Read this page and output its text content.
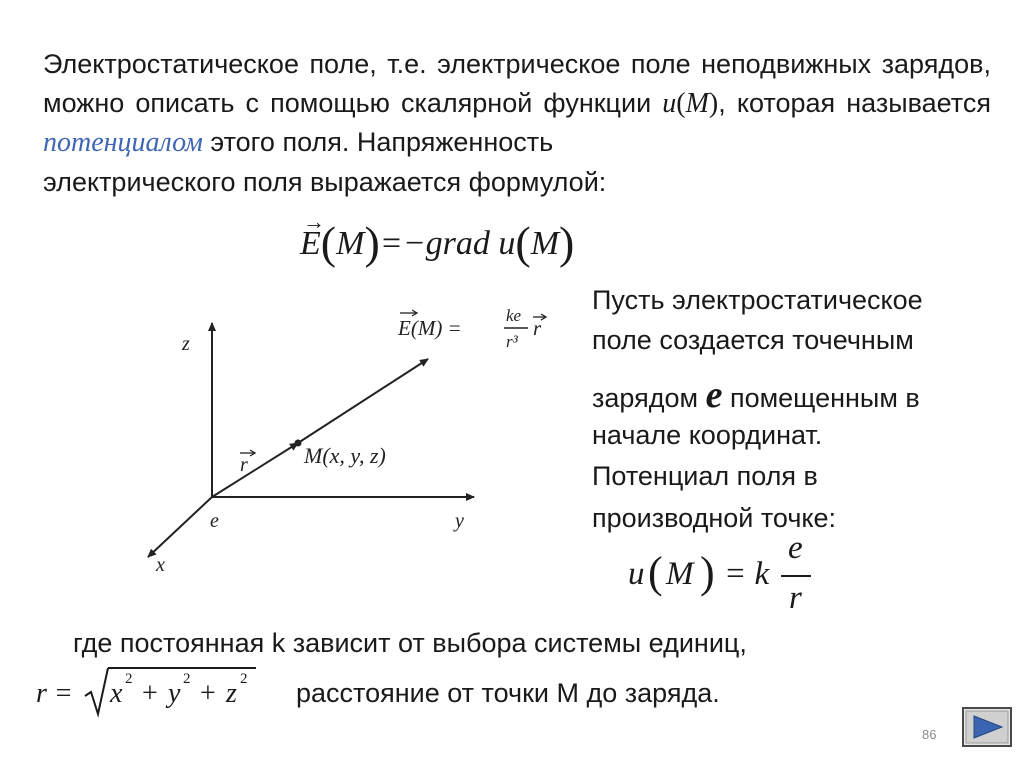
Электростатическое поле, т.е. электрическое поле неподвижных зарядов, можно описать с помощью скалярной функции u(M), которая называется потенциалом этого поля. Напряженность
электрического поля выражается формулой:
→
E(M)=−grad u(M)
z
y
x
e
r	M(x, y, z)
E(M) =
ke
r³
r
Пусть электростатическое
поле создается точечным
зарядом e помещенным в
начале координат.
Потенциал поля в
производной точке:
u ( M ) = k
e
r
где постоянная k зависит от выбора системы единиц,
r = x 2 + y 2 + z 2 расстояние от точки М до заряда.
86
